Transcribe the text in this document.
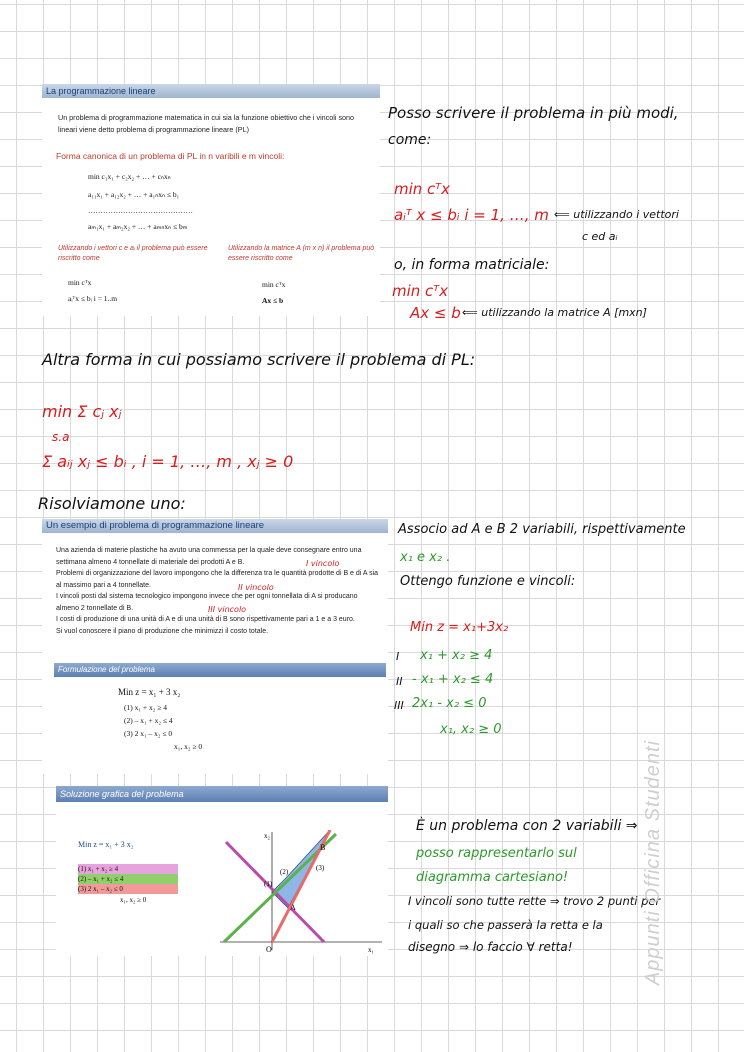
La programmazione lineare
Un problema di programmazione matematica in cui sia la funzione obiettivo che i vincoli sono lineari viene detto problema di programmazione lineare (PL)
Forma canonica di un problema di PL in n varibili e m vincoli:
min c₁x₁ + c₂x₂ + … + cₙxₙ
a₁₁x₁ + a₁₂x₂ + … + a₁ₙxₙ ≤ b₁
……………………………………
aₘ₁x₁ + aₘ₂x₂ + … + aₘₙxₙ ≤ bₘ
Utilizzando i vettori c e aᵢ il problema può essere riscritto come
Utilizzando la matrice A (m x n) il problema può essere riscritto come
min cᵀx
aᵢᵀx ≤ bᵢ i = 1..m
min cᵀx
Ax ≤ b
Posso scrivere il problema in più modi,
come:
min cᵀx
aᵢᵀ x ≤ bᵢ i = 1, …, m ⟸ utilizzando i vettori
c ed aᵢ
o, in forma matriciale:
min cᵀx
Ax ≤ b ⟸ utilizzando la matrice A [mxn]
Altra forma in cui possiamo scrivere il problema di PL:
min Σ cⱼ xⱼ
s.a
Σ aᵢⱼ xⱼ ≤ bᵢ , i = 1, …, m , xⱼ ≥ 0
Risolviamone uno:
Un esempio di problema di programmazione lineare
Una azienda di materie plastiche ha avuto una commessa per la quale deve consegnare entro una settimana almeno 4 tonnellate di materiale dei prodotti A e B.
Problemi di organizzazione del lavoro impongono che la differenza tra le quantità prodotte di B e di A sia al massimo pari a 4 tonnellate.
I vincoli posti dal sistema tecnologico impongono invece che per ogni tonnellata di A si producano almeno 2 tonnellate di B.
I costi di produzione di una unità di A e di una unità di B sono rispettivamente pari a 1 e a 3 euro.
Si vuol conoscere il piano di produzione che minimizzi il costo totale.
I vincolo
II vincolo
III vincolo
Formulazione del problema
Min z = x₁ + 3 x₂
(1) x₁ + x₂ ≥ 4
(2) – x₁ + x₂ ≤ 4
(3) 2 x₁ – x₂ ≤ 0
x₁, x₂ ≥ 0
Associo ad A e B 2 variabili, rispettivamente
x₁ e x₂ .
Ottengo funzione e vincoli:
Min z = x₁+3x₂
I x₁ + x₂ ≥ 4
II - x₁ + x₂ ≤ 4
III 2x₁ - x₂ ≤ 0
x₁, x₂ ≥ 0
Soluzione grafica del problema
Min z = x₁ + 3 x₂
(1) x₁ + x₂ ≥ 4
(2) – x₁ + x₂ ≤ 4
(3) 2 x₁ – x₂ ≤ 0
x₁, x₂ ≥ 0
(2)	(3)
(1)
B
A
O	x₁
x₂
È un problema con 2 variabili ⇒
posso rappresentarlo sul
diagramma cartesiano!
I vincoli sono tutte rette ⇒ trovo 2 punti per
i quali so che passerà la retta e la
disegno ⇒ lo faccio ∀ retta!	Appunti Officina Studenti
